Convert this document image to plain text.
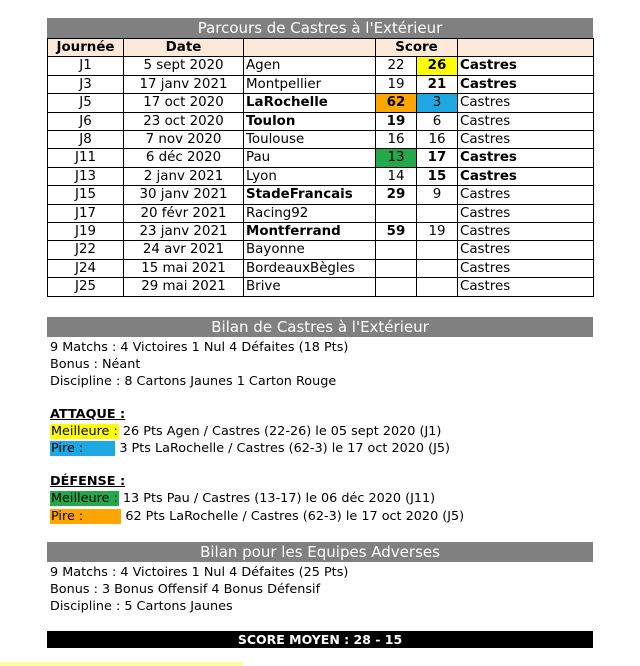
Parcours de Castres à l'Extérieur
Journée	Date		Score		
J1	5 sept 2020	Agen	22	26	Castres
J3	17 janv 2021	Montpellier	19	21	Castres
J5	17 oct 2020	LaRochelle	62	3	Castres
J6	23 oct 2020	Toulon	19	6	Castres
J8	7 nov 2020	Toulouse	16	16	Castres
J11	6 déc 2020	Pau	13	17	Castres
J13	2 janv 2021	Lyon	14	15	Castres
J15	30 janv 2021	StadeFrancais	29	9	Castres
J17	20 févr 2021	Racing92			Castres
J19	23 janv 2021	Montferrand	59	19	Castres
J22	24 avr 2021	Bayonne			Castres
J24	15 mai 2021	BordeauxBègles			Castres
J25	29 mai 2021	Brive			Castres
Bilan de Castres à l'Extérieur
9 Matchs : 4 Victoires 1 Nul 4 Défaites (18 Pts)
Bonus : Néant
Discipline : 8 Cartons Jaunes 1 Carton Rouge
ATTAQUE :
Meilleure : 26 Pts Agen / Castres (22-26) le 05 sept 2020 (J1)
Pire :	3 Pts LaRochelle / Castres (62-3) le 17 oct 2020 (J5)
DÉFENSE :
Meilleure : 13 Pts Pau / Castres (13-17) le 06 déc 2020 (J11)
Pire :	62 Pts LaRochelle / Castres (62-3) le 17 oct 2020 (J5)
Bilan pour les Equipes Adverses
9 Matchs : 4 Victoires 1 Nul 4 Défaites (25 Pts)
Bonus : 3 Bonus Offensif 4 Bonus Défensif
Discipline : 5 Cartons Jaunes
SCORE MOYEN : 28 - 15
